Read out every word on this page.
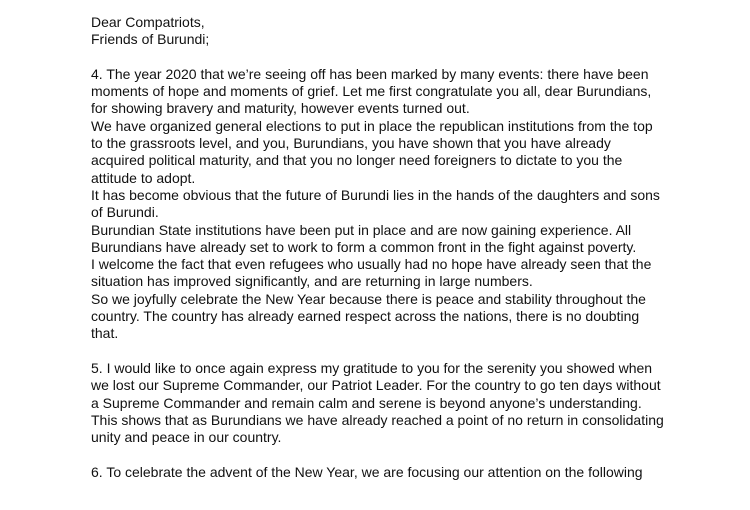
Dear Compatriots,
Friends of Burundi;
4. The year 2020 that we’re seeing off has been marked by many events: there have been
moments of hope and moments of grief. Let me first congratulate you all, dear Burundians,
for showing bravery and maturity, however events turned out.
We have organized general elections to put in place the republican institutions from the top
to the grassroots level, and you, Burundians, you have shown that you have already
acquired political maturity, and that you no longer need foreigners to dictate to you the
attitude to adopt.
It has become obvious that the future of Burundi lies in the hands of the daughters and sons
of Burundi.
Burundian State institutions have been put in place and are now gaining experience. All
Burundians have already set to work to form a common front in the fight against poverty.
I welcome the fact that even refugees who usually had no hope have already seen that the
situation has improved significantly, and are returning in large numbers.
So we joyfully celebrate the New Year because there is peace and stability throughout the
country. The country has already earned respect across the nations, there is no doubting
that.
5. I would like to once again express my gratitude to you for the serenity you showed when
we lost our Supreme Commander, our Patriot Leader. For the country to go ten days without
a Supreme Commander and remain calm and serene is beyond anyone’s understanding.
This shows that as Burundians we have already reached a point of no return in consolidating
unity and peace in our country.
6. To celebrate the advent of the New Year, we are focusing our attention on the following
